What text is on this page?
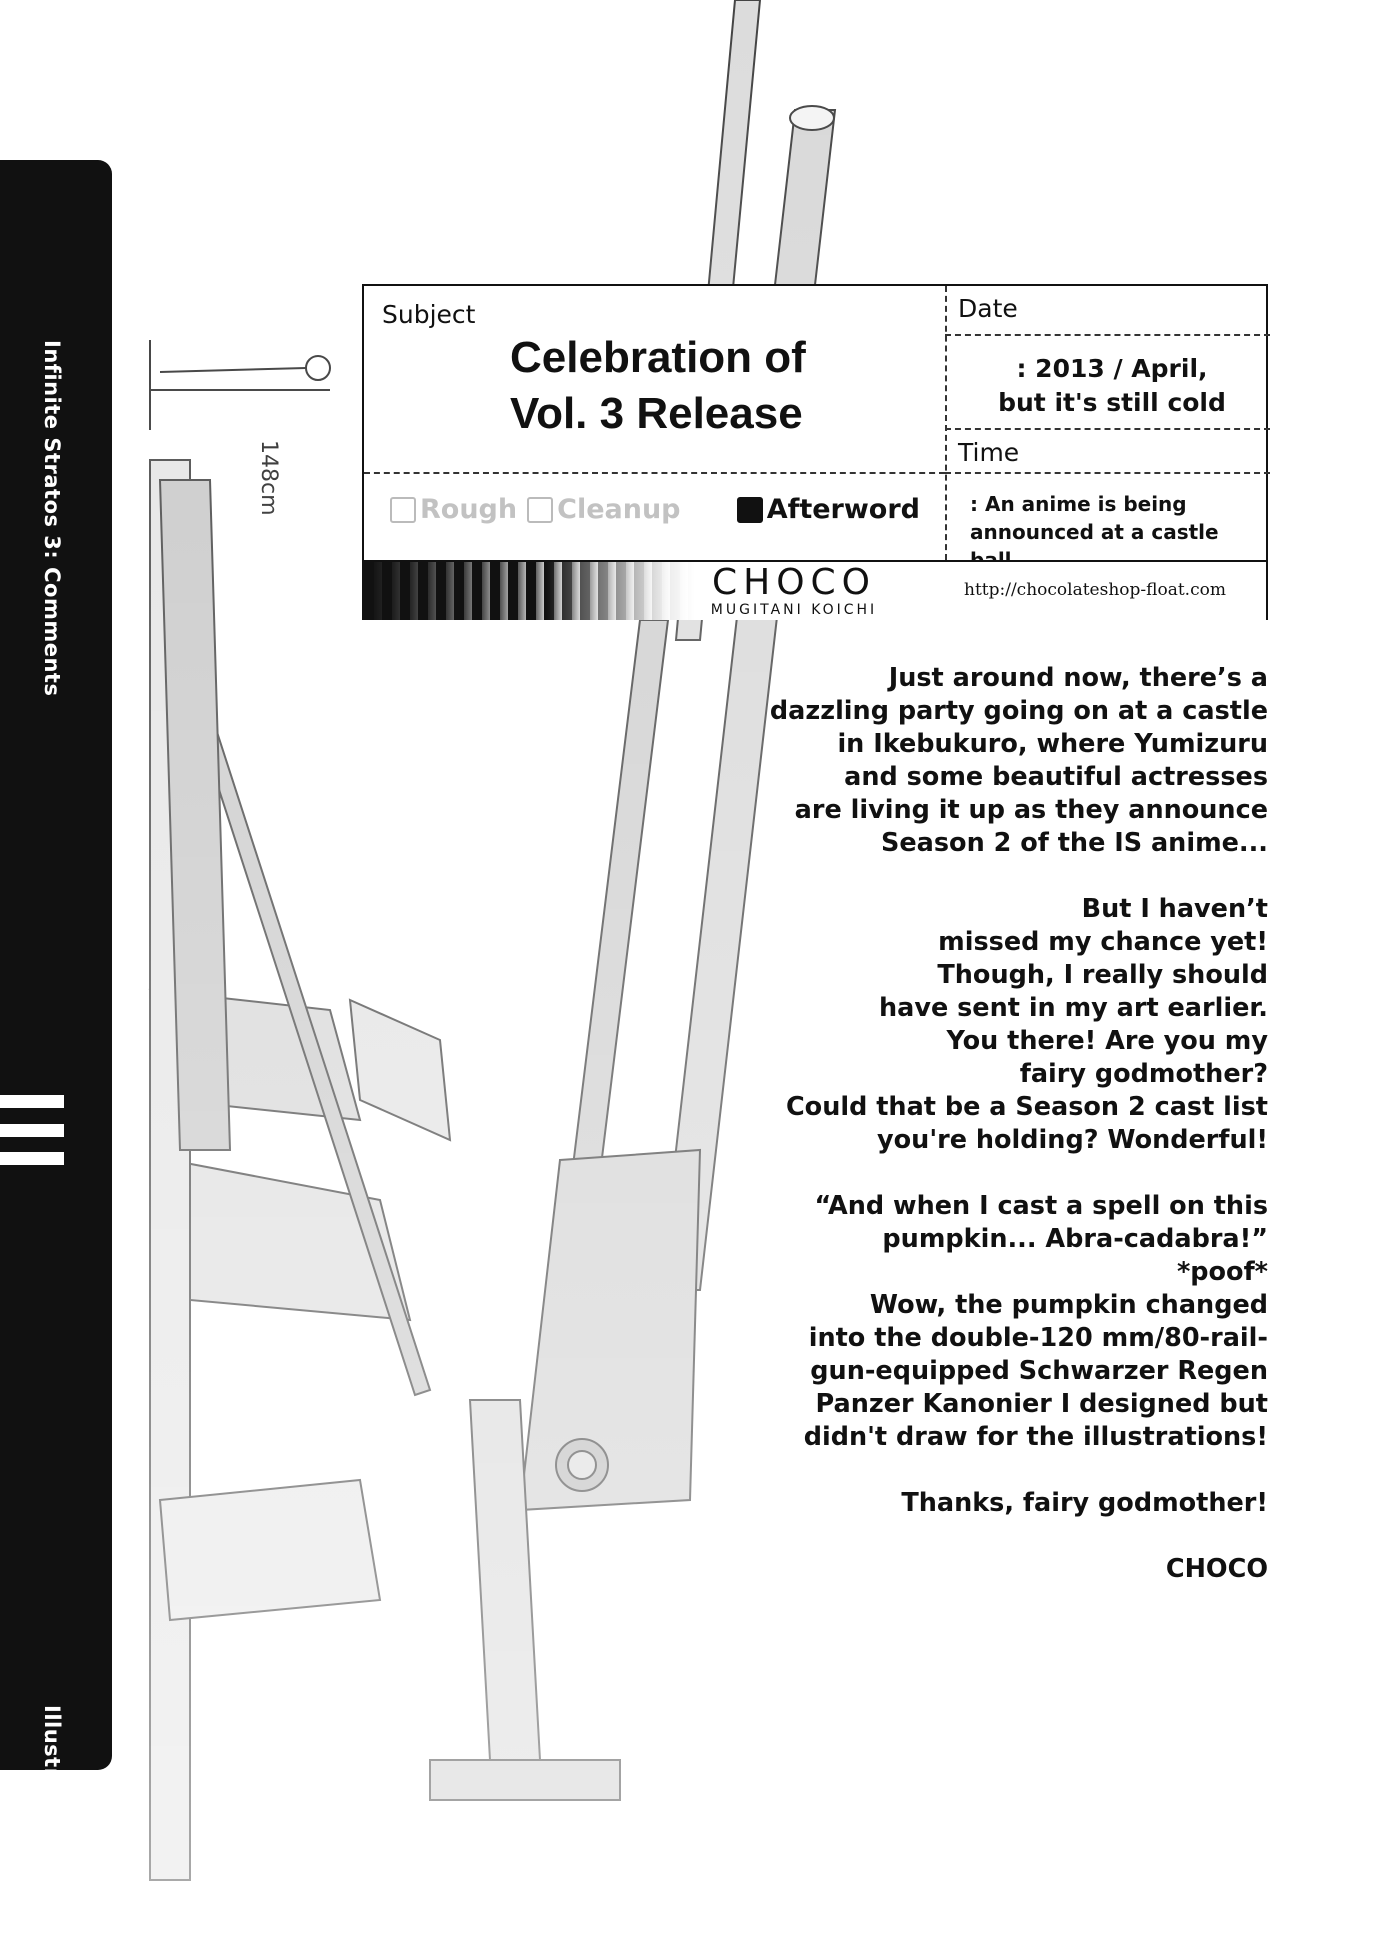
Infinite Stratos 3: Comments
Illustration: CHOCO
Subject
Celebration of
Vol. 3 Release
Date
: 2013 / April,
but it's still cold
Time
: An anime is being
announced at a castle
Rough Cleanup	Afterword
CHOCO
MUGITANI KOICHI
http://chocolateshop-float.com

Just around now, there’s a
dazzling party going on at a castle
in Ikebukuro, where Yumizuru
and some beautiful actresses
are living it up as they announce
Season 2 of the IS anime...

But I haven’t
missed my chance yet!
Though, I really should
have sent in my art earlier.
You there! Are you my
fairy godmother?
Could that be a Season 2 cast list
you're holding? Wonderful!

“And when I cast a spell on this
pumpkin... Abra-cadabra!”
*poof*
Wow, the pumpkin changed
into the double-120 mm/80-rail-
gun-equipped Schwarzer Regen
Panzer Kanonier I designed but
didn't draw for the illustrations!

Thanks, fairy godmother!

CHOCO
